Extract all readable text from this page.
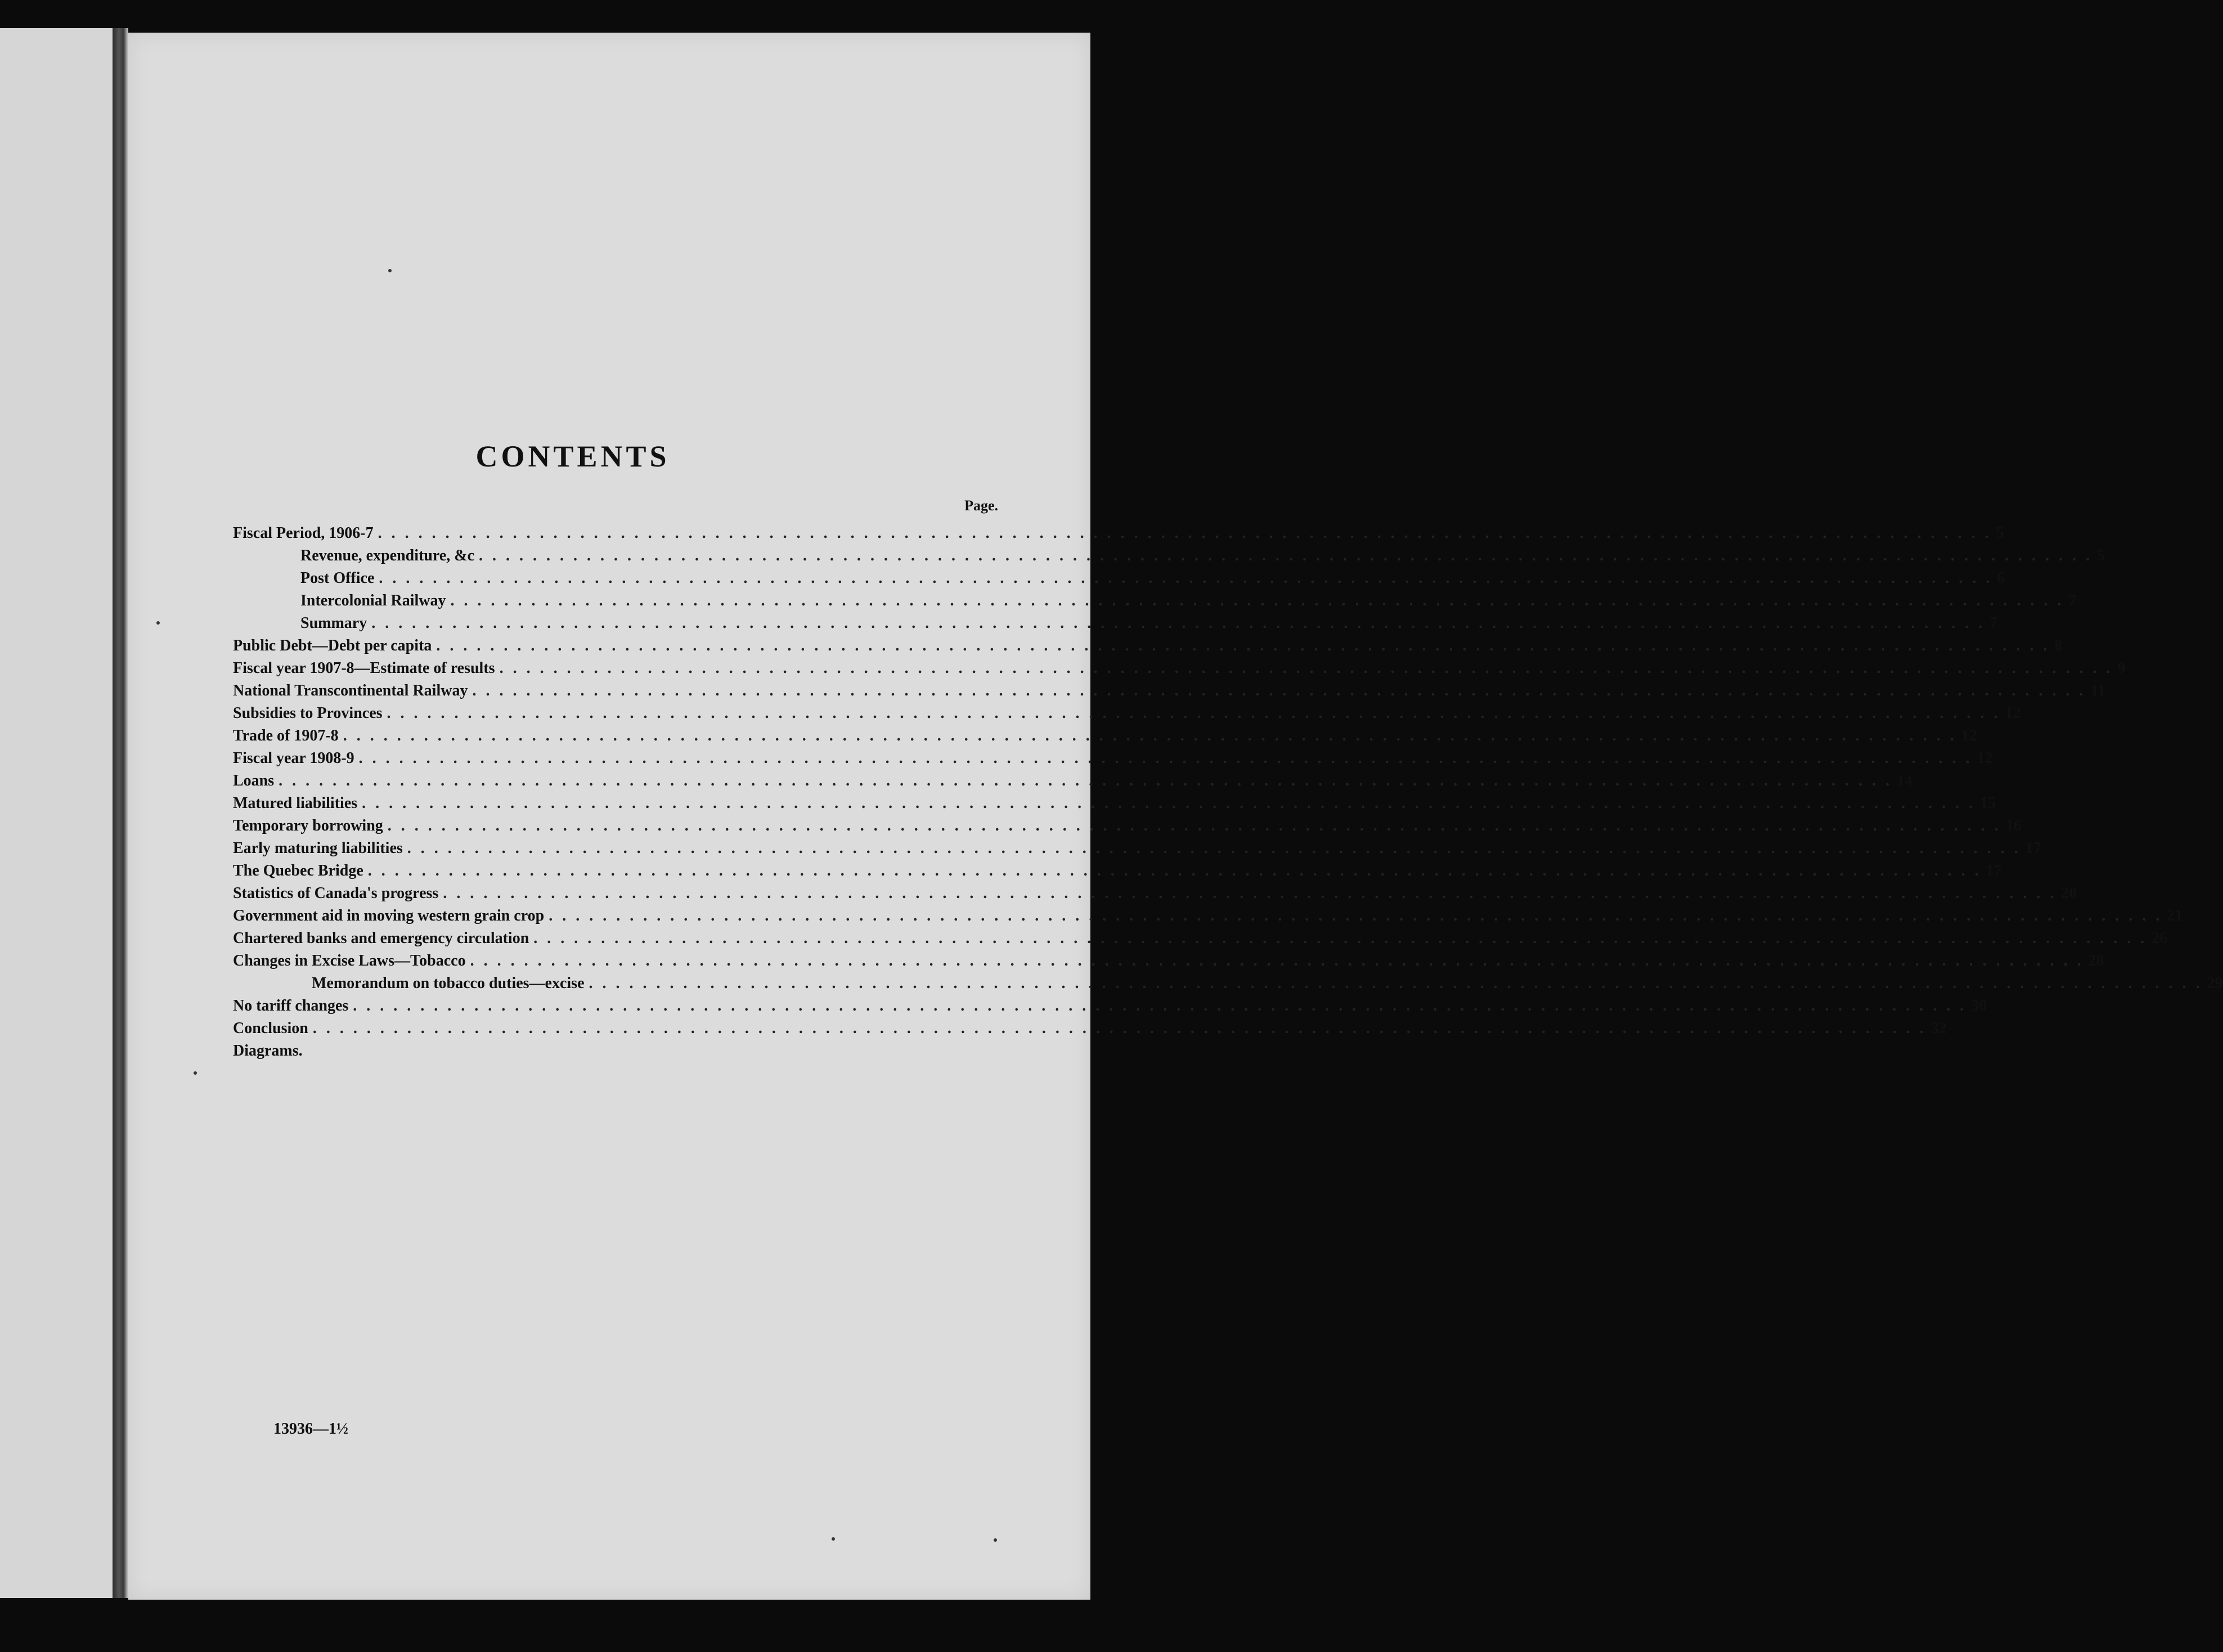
CONTENTS
Page.
Fiscal Period, 1906-7 . . . . . . . . . . . . . . . . . . . . . . . . . . . . . . . . . . . . . . . . . . . . . . . . . . . . . . . . . . . . . . . . . . . . . . . . . . . . . . . . . . . . . . . . . . . . . . . . . . . . . . . . . . . . . . . . . . . . . . . . 5
Revenue, expenditure, &c . . . . . . . . . . . . . . . . . . . . . . . . . . . . . . . . . . . . . . . . . . . . . . . . . . . . . . . . . . . . . . . . . . . . . . . . . . . . . . . . . . . . . . . . . . . . . . . . . . . . . . . . . . . . . . . . . . . . . . . . 5
Post Office . . . . . . . . . . . . . . . . . . . . . . . . . . . . . . . . . . . . . . . . . . . . . . . . . . . . . . . . . . . . . . . . . . . . . . . . . . . . . . . . . . . . . . . . . . . . . . . . . . . . . . . . . . . . . . . . . . . . . . . . 6
Intercolonial Railway . . . . . . . . . . . . . . . . . . . . . . . . . . . . . . . . . . . . . . . . . . . . . . . . . . . . . . . . . . . . . . . . . . . . . . . . . . . . . . . . . . . . . . . . . . . . . . . . . . . . . . . . . . . . . . . . . . . . . . . . 7
Summary . . . . . . . . . . . . . . . . . . . . . . . . . . . . . . . . . . . . . . . . . . . . . . . . . . . . . . . . . . . . . . . . . . . . . . . . . . . . . . . . . . . . . . . . . . . . . . . . . . . . . . . . . . . . . . . . . . . . . . . . 7
Public Debt—Debt per capita . . . . . . . . . . . . . . . . . . . . . . . . . . . . . . . . . . . . . . . . . . . . . . . . . . . . . . . . . . . . . . . . . . . . . . . . . . . . . . . . . . . . . . . . . . . . . . . . . . . . . . . . . . . . . . . . . . . . . . . . 8
Fiscal year 1907-8—Estimate of results . . . . . . . . . . . . . . . . . . . . . . . . . . . . . . . . . . . . . . . . . . . . . . . . . . . . . . . . . . . . . . . . . . . . . . . . . . . . . . . . . . . . . . . . . . . . . . . . . . . . . . . . . . . . . . . . . . . . . . . . 9
National Transcontinental Railway . . . . . . . . . . . . . . . . . . . . . . . . . . . . . . . . . . . . . . . . . . . . . . . . . . . . . . . . . . . . . . . . . . . . . . . . . . . . . . . . . . . . . . . . . . . . . . . . . . . . . . . . . . . . . . . . . . . . . . . . 11
Subsidies to Provinces . . . . . . . . . . . . . . . . . . . . . . . . . . . . . . . . . . . . . . . . . . . . . . . . . . . . . . . . . . . . . . . . . . . . . . . . . . . . . . . . . . . . . . . . . . . . . . . . . . . . . . . . . . . . . . . . . . . . . . . . 12
Trade of 1907-8 . . . . . . . . . . . . . . . . . . . . . . . . . . . . . . . . . . . . . . . . . . . . . . . . . . . . . . . . . . . . . . . . . . . . . . . . . . . . . . . . . . . . . . . . . . . . . . . . . . . . . . . . . . . . . . . . . . . . . . . . 12
Fiscal year 1908-9 . . . . . . . . . . . . . . . . . . . . . . . . . . . . . . . . . . . . . . . . . . . . . . . . . . . . . . . . . . . . . . . . . . . . . . . . . . . . . . . . . . . . . . . . . . . . . . . . . . . . . . . . . . . . . . . . . . . . . . . . 12
Loans . . . . . . . . . . . . . . . . . . . . . . . . . . . . . . . . . . . . . . . . . . . . . . . . . . . . . . . . . . . . . . . . . . . . . . . . . . . . . . . . . . . . . . . . . . . . . . . . . . . . . . . . . . . . . . . . . . . . . . . . 14
Matured liabilities . . . . . . . . . . . . . . . . . . . . . . . . . . . . . . . . . . . . . . . . . . . . . . . . . . . . . . . . . . . . . . . . . . . . . . . . . . . . . . . . . . . . . . . . . . . . . . . . . . . . . . . . . . . . . . . . . . . . . . . . 15
Temporary borrowing . . . . . . . . . . . . . . . . . . . . . . . . . . . . . . . . . . . . . . . . . . . . . . . . . . . . . . . . . . . . . . . . . . . . . . . . . . . . . . . . . . . . . . . . . . . . . . . . . . . . . . . . . . . . . . . . . . . . . . . . 16
Early maturing liabilities . . . . . . . . . . . . . . . . . . . . . . . . . . . . . . . . . . . . . . . . . . . . . . . . . . . . . . . . . . . . . . . . . . . . . . . . . . . . . . . . . . . . . . . . . . . . . . . . . . . . . . . . . . . . . . . . . . . . . . . . 17
The Quebec Bridge . . . . . . . . . . . . . . . . . . . . . . . . . . . . . . . . . . . . . . . . . . . . . . . . . . . . . . . . . . . . . . . . . . . . . . . . . . . . . . . . . . . . . . . . . . . . . . . . . . . . . . . . . . . . . . . . . . . . . . . . 17
Statistics of Canada's progress . . . . . . . . . . . . . . . . . . . . . . . . . . . . . . . . . . . . . . . . . . . . . . . . . . . . . . . . . . . . . . . . . . . . . . . . . . . . . . . . . . . . . . . . . . . . . . . . . . . . . . . . . . . . . . . . . . . . . . . . 20
Government aid in moving western grain crop . . . . . . . . . . . . . . . . . . . . . . . . . . . . . . . . . . . . . . . . . . . . . . . . . . . . . . . . . . . . . . . . . . . . . . . . . . . . . . . . . . . . . . . . . . . . . . . . . . . . . . . . . . . . . . . . . . . . . . . . 21
Chartered banks and emergency circulation . . . . . . . . . . . . . . . . . . . . . . . . . . . . . . . . . . . . . . . . . . . . . . . . . . . . . . . . . . . . . . . . . . . . . . . . . . . . . . . . . . . . . . . . . . . . . . . . . . . . . . . . . . . . . . . . . . . . . . . . 26
Changes in Excise Laws—Tobacco . . . . . . . . . . . . . . . . . . . . . . . . . . . . . . . . . . . . . . . . . . . . . . . . . . . . . . . . . . . . . . . . . . . . . . . . . . . . . . . . . . . . . . . . . . . . . . . . . . . . . . . . . . . . . . . . . . . . . . . . 28
Memorandum on tobacco duties—excise . . . . . . . . . . . . . . . . . . . . . . . . . . . . . . . . . . . . . . . . . . . . . . . . . . . . . . . . . . . . . . . . . . . . . . . . . . . . . . . . . . . . . . . . . . . . . . . . . . . . . . . . . . . . . . . . . . . . . . . . 29
No tariff changes . . . . . . . . . . . . . . . . . . . . . . . . . . . . . . . . . . . . . . . . . . . . . . . . . . . . . . . . . . . . . . . . . . . . . . . . . . . . . . . . . . . . . . . . . . . . . . . . . . . . . . . . . . . . . . . . . . . . . . . . 30
Conclusion . . . . . . . . . . . . . . . . . . . . . . . . . . . . . . . . . . . . . . . . . . . . . . . . . . . . . . . . . . . . . . . . . . . . . . . . . . . . . . . . . . . . . . . . . . . . . . . . . . . . . . . . . . . . . . . . . . . . . . . . 32
Diagrams.
13936—1½
